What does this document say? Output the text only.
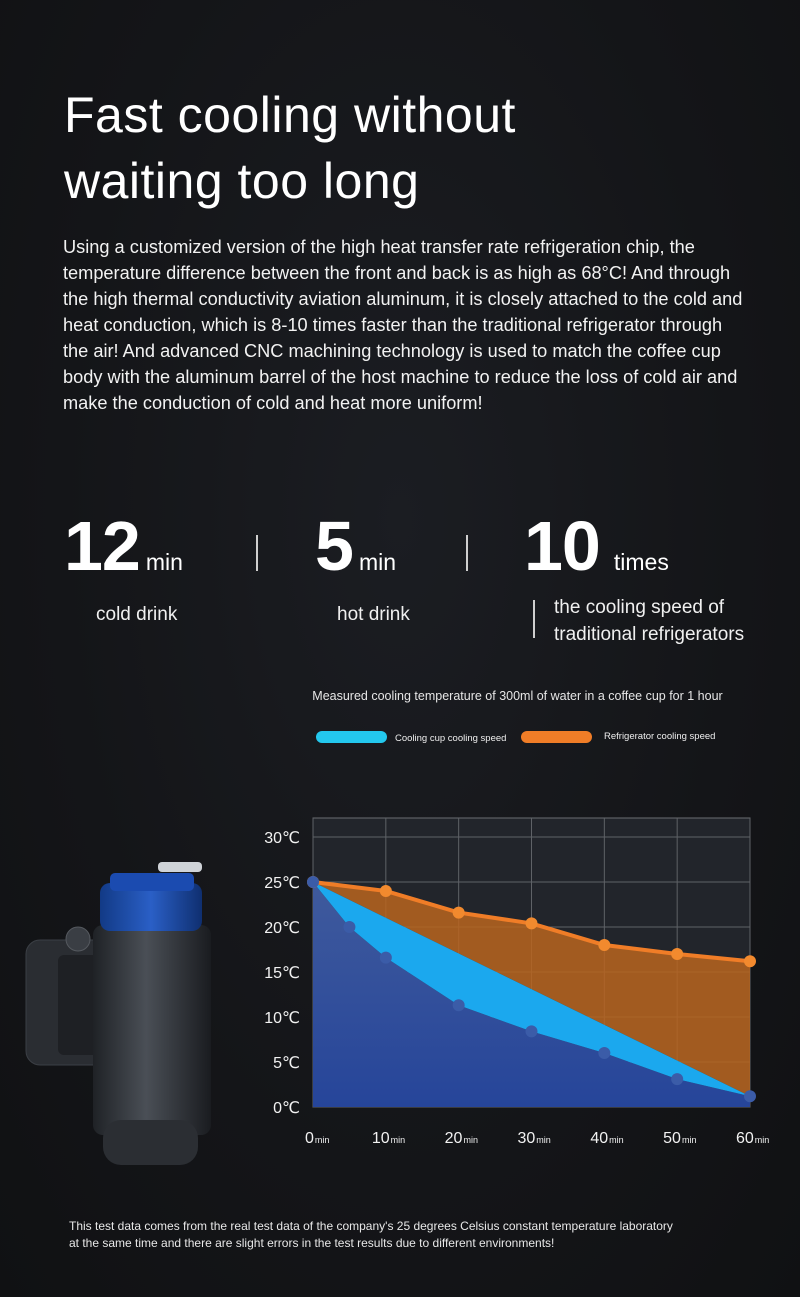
Fast cooling without
waiting too long
Using a customized version of the high heat transfer rate refrigeration chip, the temperature difference between the front and back is as high as 68°C! And through the high thermal conductivity aviation aluminum, it is closely attached to the cold and heat conduction, which is 8-10 times faster than the traditional refrigerator through the air! And advanced CNC machining technology is used to match the coffee cup body with the aluminum barrel of the host machine to reduce the loss of cold air and make the conduction of cold and heat more uniform!
12 min
cold drink
5 min
hot drink
10 times
the cooling speed of
traditional refrigerators
Measured cooling temperature of 300ml of water in a coffee cup for 1 hour
Cooling cup cooling speed	Refrigerator cooling speed
0℃
5℃
10℃
15℃
20℃
25℃
30℃
0min	10min 20min 30min 40min 50min 60min
This test data comes from the real test data of the company's 25 degrees Celsius constant temperature laboratory
at the same time and there are slight errors in the test results due to different environments!
